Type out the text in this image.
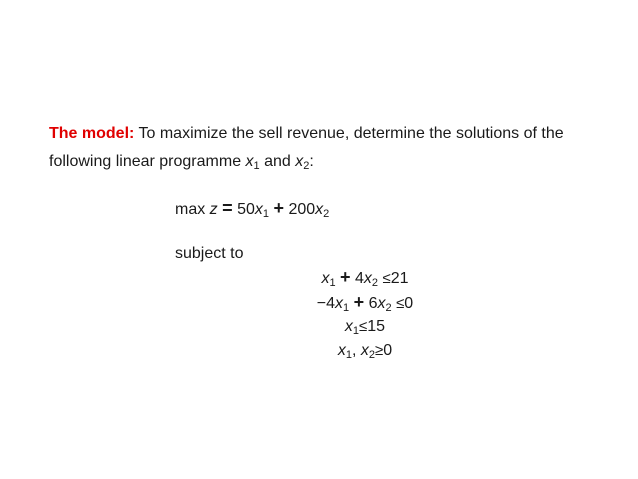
The model: To maximize the sell revenue, determine the solutions of the following linear programme $x_1$ and $x_2$:
$\max z = 50x_1 + 200x_2$
subject to
$x_1 + 4x_2 \le 21$
$-4x_1 + 6x_2 \le 0$
$x_1\le 15$
$x_1$, $x_2\ge 0$
